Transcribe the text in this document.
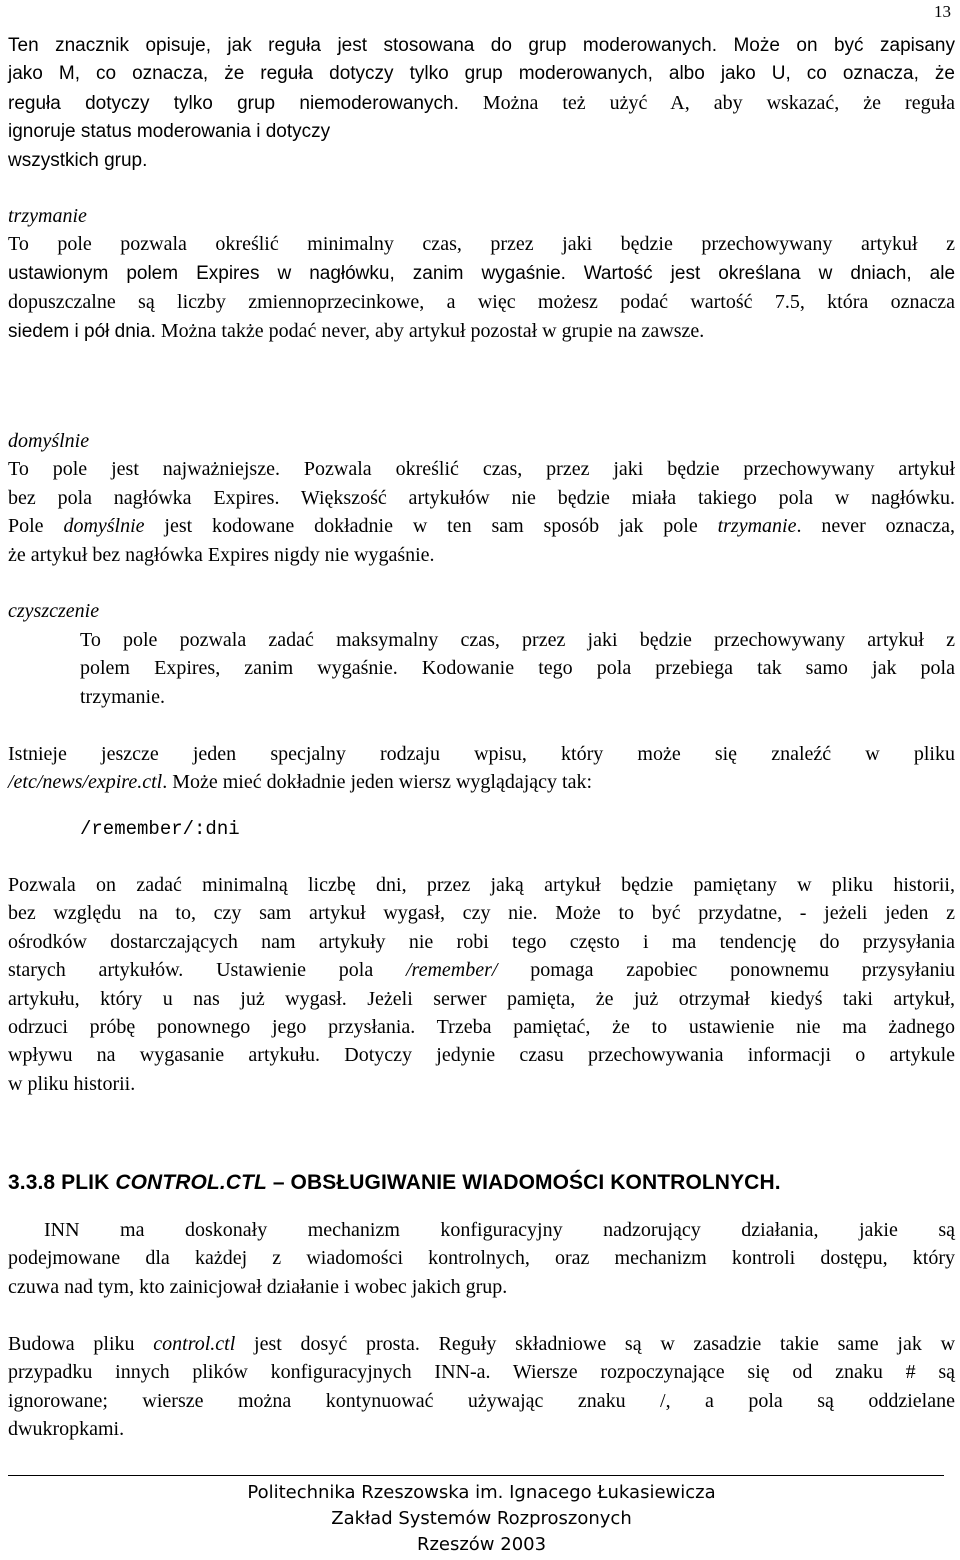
13

Ten znacznik opisuje, jak reguła jest stosowana do grup moderowanych. Może on być zapisany
jako M, co oznacza, że reguła dotyczy tylko grup moderowanych, albo jako U, co oznacza, że
reguła dotyczy tylko grup niemoderowanych. Można też użyć A, aby wskazać, że reguła
ignoruje status moderowania i dotyczy
wszystkich grup.

trzymanie
To pole pozwala określić minimalny czas, przez jaki będzie przechowywany artykuł z
ustawionym polem Expires w nagłówku, zanim wygaśnie. Wartość jest określana w dniach, ale
dopuszczalne są liczby zmiennoprzecinkowe, a więc możesz podać wartość 7.5, która oznacza
siedem i pół dnia. Można także podać never, aby artykuł pozostał w grupie na zawsze.

domyślnie
To pole jest najważniejsze. Pozwala określić czas, przez jaki będzie przechowywany artykuł
bez pola nagłówka Expires. Większość artykułów nie będzie miała takiego pola w nagłówku.
Pole domyślnie jest kodowane dokładnie w ten sam sposób jak pole trzymanie. never oznacza,
że artykuł bez nagłówka Expires nigdy nie wygaśnie.

czyszczenie

To pole pozwala zadać maksymalny czas, przez jaki będzie przechowywany artykuł z
polem Expires, zanim wygaśnie. Kodowanie tego pola przebiega tak samo jak pola
trzymanie.

Istnieje jeszcze jeden specjalny rodzaju wpisu, który może się znaleźć w pliku
/etc/news/expire.ctl. Może mieć dokładnie jeden wiersz wyglądający tak:

/remember/:dni

Pozwala on zadać minimalną liczbę dni, przez jaką artykuł będzie pamiętany w pliku historii,
bez względu na to, czy sam artykuł wygasł, czy nie. Może to być przydatne, - jeżeli jeden z
ośrodków dostarczających nam artykuły nie robi tego często i ma tendencję do przysyłania
starych artykułów. Ustawienie pola /remember/ pomaga zapobiec ponownemu przysyłaniu
artykułu, który u nas już wygasł. Jeżeli serwer pamięta, że już otrzymał kiedyś taki artykuł,
odrzuci próbę ponownego jego przysłania. Trzeba pamiętać, że to ustawienie nie ma żadnego
wpływu na wygasanie artykułu. Dotyczy jedynie czasu przechowywania informacji o artykule
w pliku historii.

3.3.8 PLIK CONTROL.CTL – OBSŁUGIWANIE WIADOMOŚCI KONTROLNYCH.

INN ma doskonały mechanizm konfiguracyjny nadzorujący działania, jakie są
podejmowane dla każdej z wiadomości kontrolnych, oraz mechanizm kontroli dostępu, który
czuwa nad tym, kto zainicjował działanie i wobec jakich grup.

Budowa pliku control.ctl jest dosyć prosta. Reguły składniowe są w zasadzie takie same jak w
przypadku innych plików konfiguracyjnych INN-a. Wiersze rozpoczynające się od znaku # są
ignorowane; wiersze można kontynuować używając znaku /, a pola są oddzielane
dwukropkami.

Politechnika Rzeszowska im. Ignacego Łukasiewicza
Zakład Systemów Rozproszonych
Rzeszów 2003
